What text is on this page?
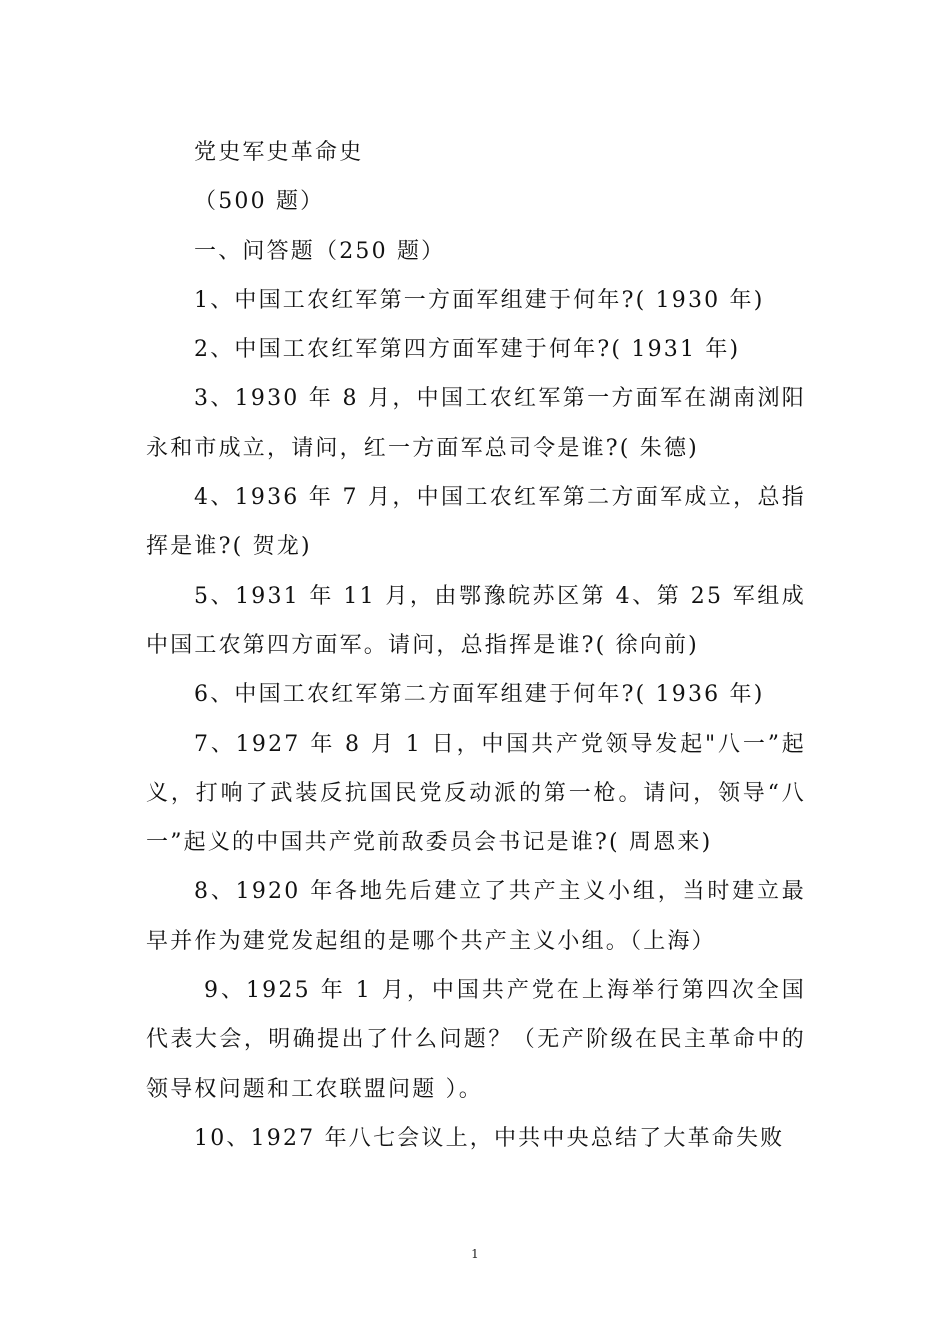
党史军史革命史

（500 题）

一、问答题（250 题）

1、中国工农红军第一方面军组建于何年?( 1930 年)

2、中国工农红军第四方面军建于何年?( 1931 年)

3、1930 年 8 月，中国工农红军第一方面军在湖南浏阳永和市成立，请问，红一方面军总司令是谁?( 朱德)

4、1936 年 7 月，中国工农红军第二方面军成立，总指挥是谁?( 贺龙)

5、1931 年 11 月，由鄂豫皖苏区第 4、第 25 军组成中国工农第四方面军。请问，总指挥是谁?( 徐向前)

6、中国工农红军第二方面军组建于何年?( 1936 年)

7、1927 年 8 月 1 日，中国共产党领导发起"八一”起义，打响了武装反抗国民党反动派的第一枪。请问，领导“八一”起义的中国共产党前敌委员会书记是谁?( 周恩来)

8、1920 年各地先后建立了共产主义小组，当时建立最早并作为建党发起组的是哪个共产主义小组。（上海）

9、1925 年 1 月，中国共产党在上海举行第四次全国代表大会，明确提出了什么问题？（无产阶级在民主革命中的领导权问题和工农联盟问题 ）。

10、1927 年八七会议上，中共中央总结了大革命失败

1
